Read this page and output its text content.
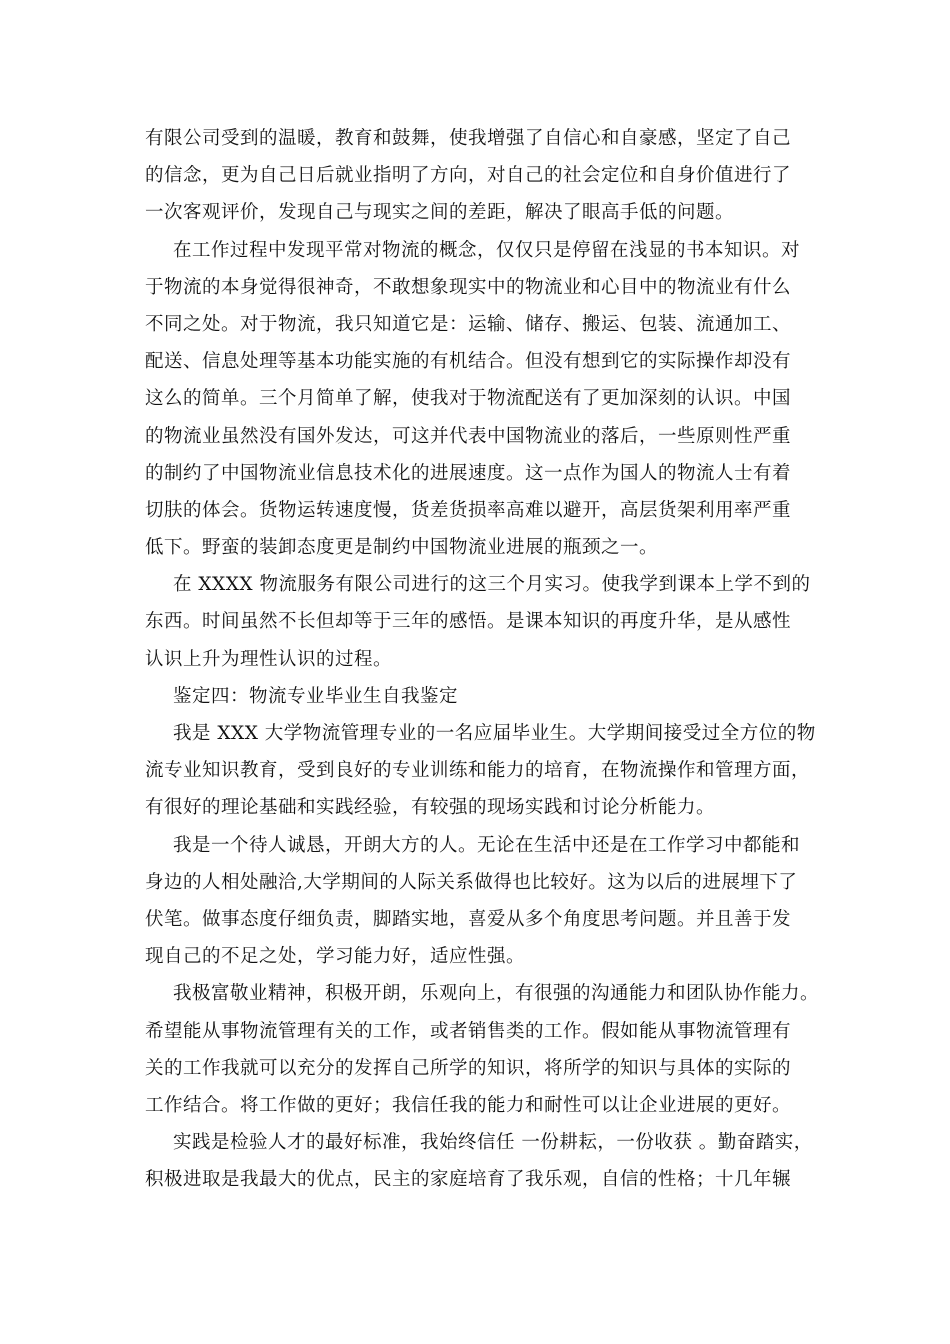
有限公司受到的温暖，教育和鼓舞，使我增强了自信心和自豪感，坚定了自己
的信念，更为自己日后就业指明了方向，对自己的社会定位和自身价值进行了
一次客观评价，发现自己与现实之间的差距，解决了眼高手低的问题。
在工作过程中发现平常对物流的概念，仅仅只是停留在浅显的书本知识。对
于物流的本身觉得很神奇，不敢想象现实中的物流业和心目中的物流业有什么
不同之处。对于物流，我只知道它是：运输、储存、搬运、包装、流通加工、
配送、信息处理等基本功能实施的有机结合。但没有想到它的实际操作却没有
这么的简单。三个月简单了解，使我对于物流配送有了更加深刻的认识。中国
的物流业虽然没有国外发达，可这并代表中国物流业的落后，一些原则性严重
的制约了中国物流业信息技术化的进展速度。这一点作为国人的物流人士有着
切肤的体会。货物运转速度慢，货差货损率高难以避开，高层货架利用率严重
低下。野蛮的装卸态度更是制约中国物流业进展的瓶颈之一。
在 XXXX 物流服务有限公司进行的这三个月实习。使我学到课本上学不到的
东西。时间虽然不长但却等于三年的感悟。是课本知识的再度升华，是从感性
认识上升为理性认识的过程。
鉴定四：物流专业毕业生自我鉴定
我是 XXX 大学物流管理专业的一名应届毕业生。大学期间接受过全方位的物
流专业知识教育，受到良好的专业训练和能力的培育，在物流操作和管理方面，
有很好的理论基础和实践经验，有较强的现场实践和讨论分析能力。
我是一个待人诚恳，开朗大方的人。无论在生活中还是在工作学习中都能和
身边的人相处融洽,大学期间的人际关系做得也比较好。这为以后的进展埋下了
伏笔。做事态度仔细负责，脚踏实地，喜爱从多个角度思考问题。并且善于发
现自己的不足之处，学习能力好，适应性强。
我极富敬业精神，积极开朗，乐观向上，有很强的沟通能力和团队协作能力。
希望能从事物流管理有关的工作，或者销售类的工作。假如能从事物流管理有
关的工作我就可以充分的发挥自己所学的知识，将所学的知识与具体的实际的
工作结合。将工作做的更好；我信任我的能力和耐性可以让企业进展的更好。
实践是检验人才的最好标准，我始终信任 一份耕耘，一份收获 。勤奋踏实，
积极进取是我最大的优点，民主的家庭培育了我乐观，自信的性格；十几年辗
